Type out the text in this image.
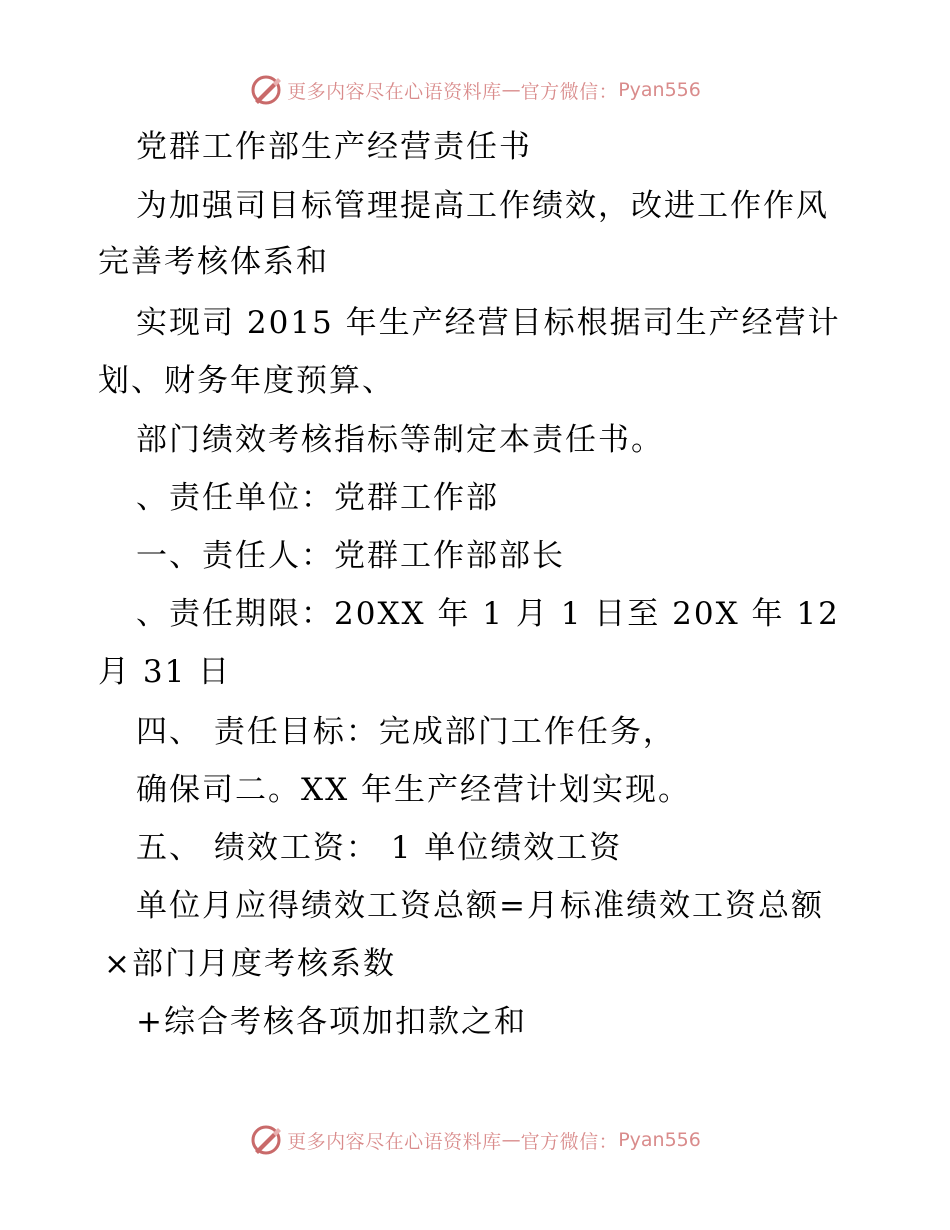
更多内容尽在心语资料库 — 官方微信： Pyan556
党群工作部生产经营责任书
为加强司目标管理提高工作绩效，改进工作作风
完善考核体系和
实现司 2015 年生产经营目标根据司生产经营计
划、财务年度预算、
部门绩效考核指标等制定本责任书。
、责任单位：党群工作部
一、责任人：党群工作部部长
、责任期限：20XX 年 1 月 1 日至 20X 年 12
月 31 日
四、 责任目标：完成部门工作任务，
确保司二。XX 年生产经营计划实现。
五、 绩效工资： 1 单位绩效工资
单位月应得绩效工资总额=月标准绩效工资总额
×部门月度考核系数
+综合考核各项加扣款之和
更多内容尽在心语资料库 — 官方微信： Pyan556
